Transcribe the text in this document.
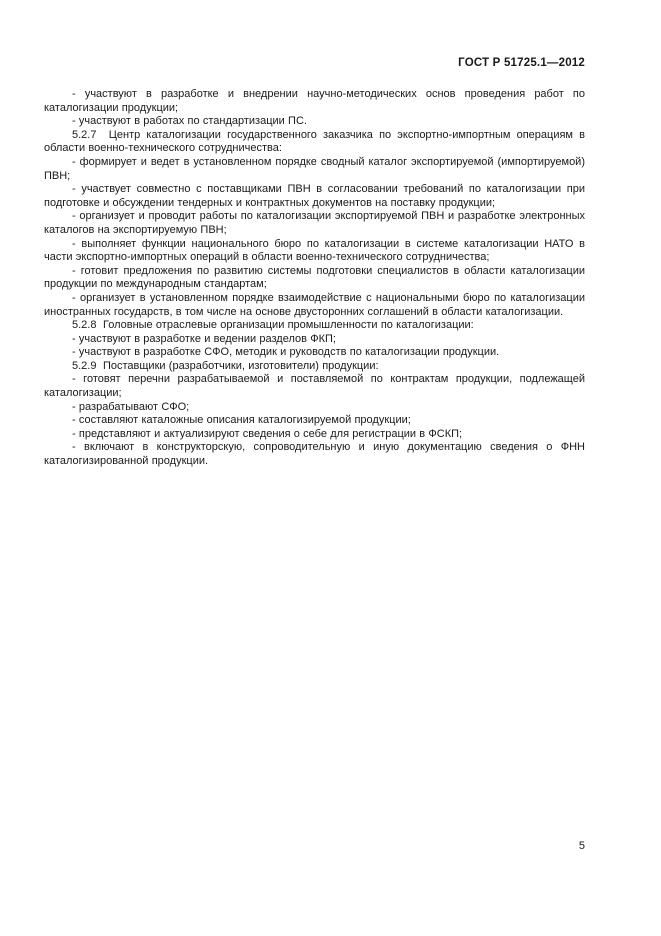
ГОСТ Р 51725.1—2012

- участвуют в разработке и внедрении научно-методических основ проведения работ по каталогизации продукции;

- участвуют в работах по стандартизации ПС.

5.2.7  Центр каталогизации государственного заказчика по экспортно-импортным операциям в области военно-технического сотрудничества:

- формирует и ведет в установленном порядке сводный каталог экспортируемой (импортируемой) ПВН;

- участвует совместно с поставщиками ПВН в согласовании требований по каталогизации при подготовке и обсуждении тендерных и контрактных документов на поставку продукции;

- организует и проводит работы по каталогизации экспортируемой ПВН и разработке электронных каталогов на экспортируемую ПВН;

- выполняет функции национального бюро по каталогизации в системе каталогизации НАТО в части экспортно-импортных операций в области военно-технического сотрудничества;

- готовит предложения по развитию системы подготовки специалистов в области каталогизации продукции по международным стандартам;

- организует в установленном порядке взаимодействие с национальными бюро по каталогизации иностранных государств, в том числе на основе двусторонних соглашений в области каталогизации.

5.2.8  Головные отраслевые организации промышленности по каталогизации:

- участвуют в разработке и ведении разделов ФКП;

- участвуют в разработке СФО, методик и руководств по каталогизации продукции.

5.2.9  Поставщики (разработчики, изготовители) продукции:

- готовят перечни разрабатываемой и поставляемой по контрактам продукции, подлежащей каталогизации;

- разрабатывают СФО;

- составляют каталожные описания каталогизируемой продукции;

- представляют и актуализируют сведения о себе для регистрации в ФСКП;

- включают в конструкторскую, сопроводительную и иную документацию сведения о ФНН каталогизированной продукции.

5
